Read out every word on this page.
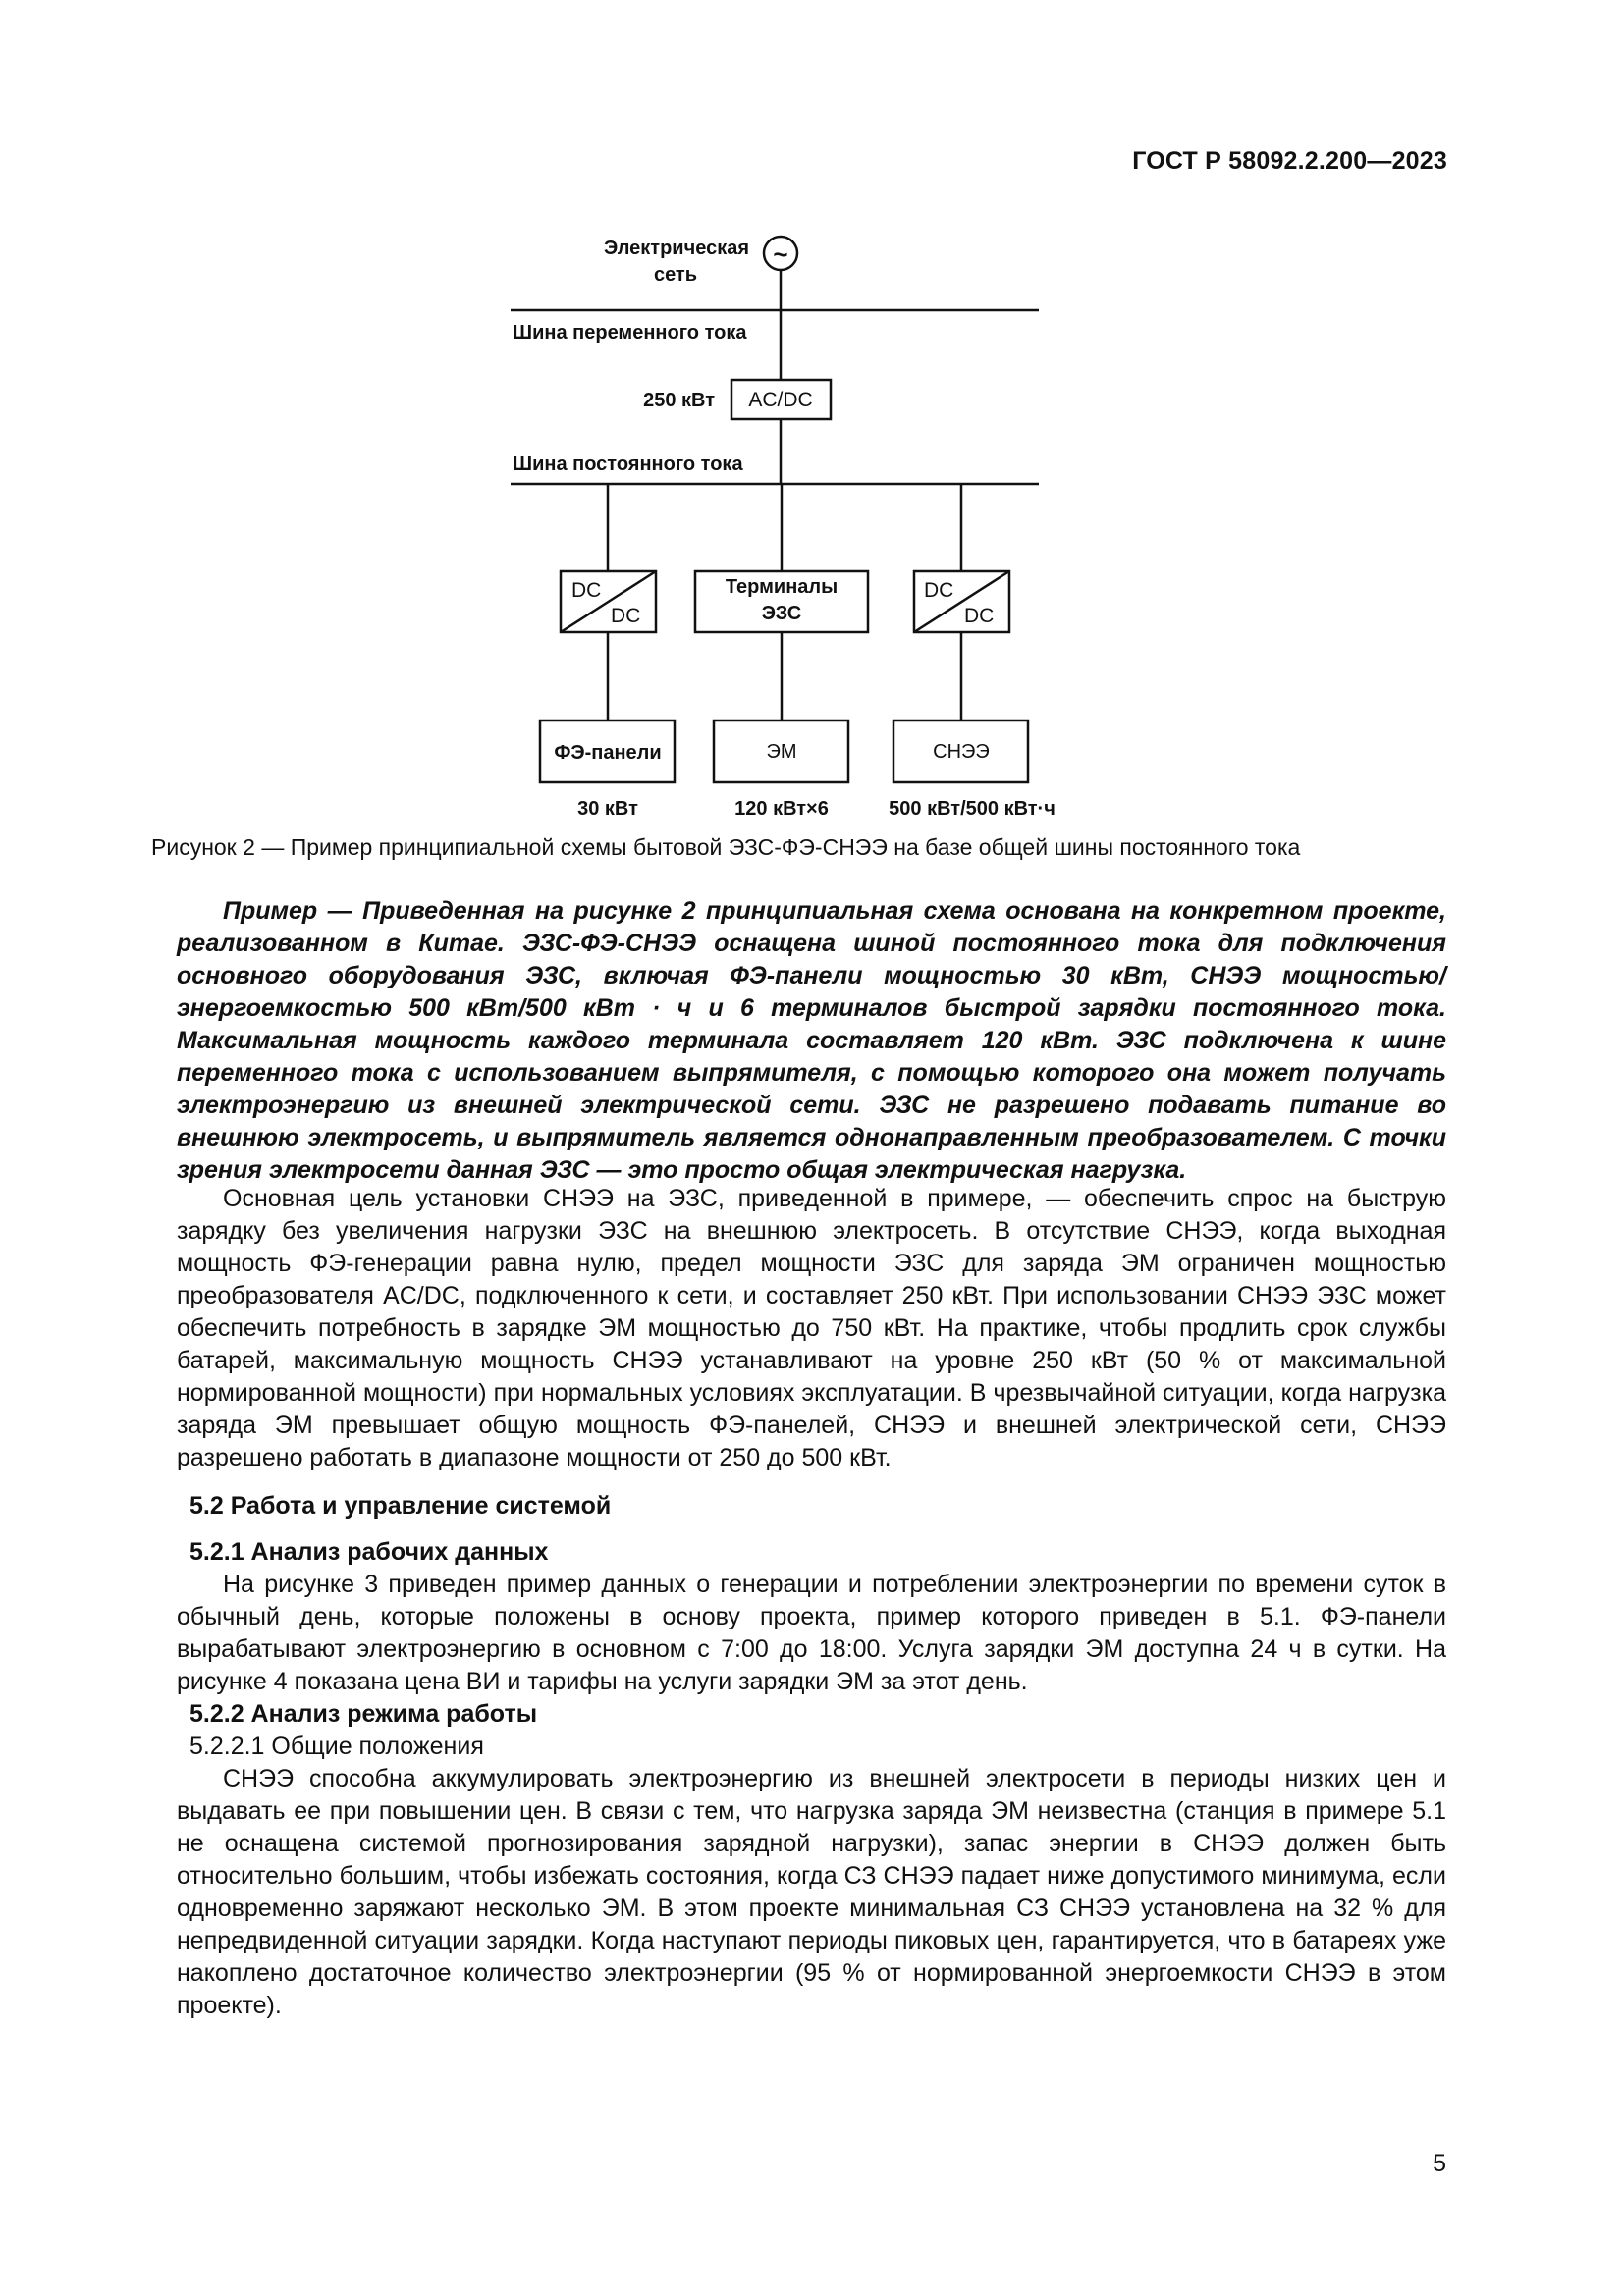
ГОСТ Р 58092.2.200—2023
~
Электрическая
сеть
Шина переменного тока
250 кВт AC/DC
Шина постоянного тока
DC
DC
Терминалы
ЭЗС
DC
DC
ФЭ-панели	ЭМ	СНЭЭ
30 кВт	120 кВт×6	500 кВт/500 кВт·ч
Рисунок 2 — Пример принципиальной схемы бытовой ЭЗС-ФЭ-СНЭЭ на базе общей шины постоянного тока

Пример — Приведенная на рисунке 2 принципиальная схема основана на конкретном проекте, реализованном в Китае. ЭЗС-ФЭ-СНЭЭ оснащена шиной постоянного тока для подключения основного оборудования ЭЗС, включая ФЭ-панели мощностью 30 кВт, СНЭЭ мощностью/энергоемкостью 500 кВт/500 кВт · ч и 6 терминалов быстрой зарядки постоянного тока. Максимальная мощность каждого терминала составляет 120 кВт. ЭЗС подключена к шине переменного тока с использованием выпрямителя, с помощью которого она может получать электроэнергию из внешней электрической сети. ЭЗС не разрешено подавать питание во внешнюю электросеть, и выпрямитель является однонаправленным преобразователем. С точки зрения электросети данная ЭЗС — это просто общая электрическая нагрузка.

Основная цель установки СНЭЭ на ЭЗС, приведенной в примере, — обеспечить спрос на быструю зарядку без увеличения нагрузки ЭЗС на внешнюю электросеть. В отсутствие СНЭЭ, когда выходная мощность ФЭ-генерации равна нулю, предел мощности ЭЗС для заряда ЭМ ограничен мощностью преобразователя AC/DC, подключенного к сети, и составляет 250 кВт. При использовании СНЭЭ ЭЗС может обеспечить потребность в зарядке ЭМ мощностью до 750 кВт. На практике, чтобы продлить срок службы батарей, максимальную мощность СНЭЭ устанавливают на уровне 250 кВт (50 % от максимальной нормированной мощности) при нормальных условиях эксплуатации. В чрезвычайной ситуации, когда нагрузка заряда ЭМ превышает общую мощность ФЭ-панелей, СНЭЭ и внешней электрической сети, СНЭЭ разрешено работать в диапазоне мощности от 250 до 500 кВт.

5.2 Работа и управление системой

5.2.1 Анализ рабочих данных

На рисунке 3 приведен пример данных о генерации и потреблении электроэнергии по времени суток в обычный день, которые положены в основу проекта, пример которого приведен в 5.1. ФЭ-панели вырабатывают электроэнергию в основном с 7:00 до 18:00. Услуга зарядки ЭМ доступна 24 ч в сутки. На рисунке 4 показана цена ВИ и тарифы на услуги зарядки ЭМ за этот день.

5.2.2 Анализ режима работы

5.2.2.1 Общие положения

СНЭЭ способна аккумулировать электроэнергию из внешней электросети в периоды низких цен и выдавать ее при повышении цен. В связи с тем, что нагрузка заряда ЭМ неизвестна (станция в примере 5.1 не оснащена системой прогнозирования зарядной нагрузки), запас энергии в СНЭЭ должен быть относительно большим, чтобы избежать состояния, когда СЗ СНЭЭ падает ниже допустимого минимума, если одновременно заряжают несколько ЭМ. В этом проекте минимальная СЗ СНЭЭ установлена на 32 % для непредвиденной ситуации зарядки. Когда наступают периоды пиковых цен, гарантируется, что в батареях уже накоплено достаточное количество электроэнергии (95 % от нормированной энергоемкости СНЭЭ в этом проекте).

5
